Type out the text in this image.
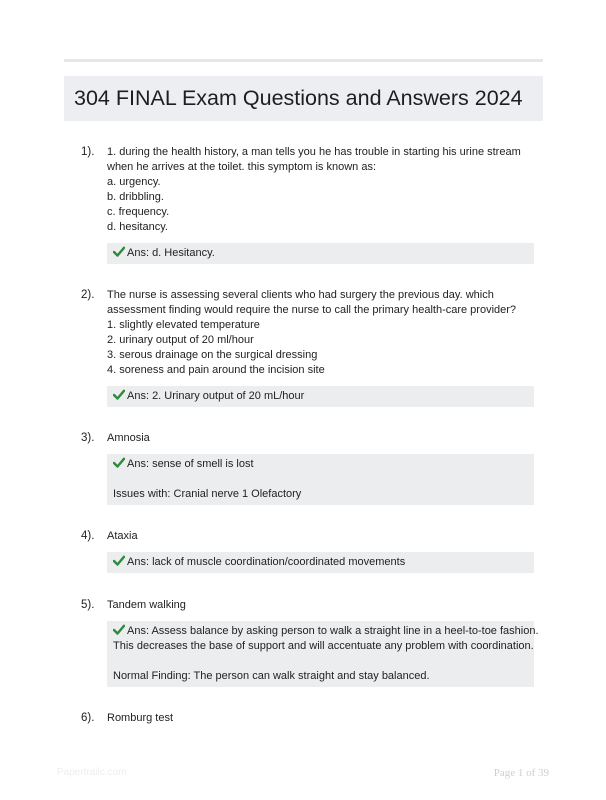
304 FINAL Exam Questions and Answers 2024
1). 1. during the health history, a man tells you he has trouble in starting his urine stream
when he arrives at the toilet. this symptom is known as:
a. urgency.
b. dribbling.
c. frequency.
d. hesitancy.
Ans: d. Hesitancy.
2). The nurse is assessing several clients who had surgery the previous day. which
assessment finding would require the nurse to call the primary health-care provider?
1. slightly elevated temperature
2. urinary output of 20 ml/hour
3. serous drainage on the surgical dressing
4. soreness and pain around the incision site
Ans: 2. Urinary output of 20 mL/hour
3). Amnosia
Ans: sense of smell is lost
Issues with: Cranial nerve 1 Olefactory
4). Ataxia
Ans: lack of muscle coordination/coordinated movements
5). Tandem walking
Ans: Assess balance by asking person to walk a straight line in a heel-to-toe fashion.
This decreases the base of support and will accentuate any problem with coordination.
Normal Finding: The person can walk straight and stay balanced.
6). Romburg test
Papertrailc.com	Page 1 of 39
